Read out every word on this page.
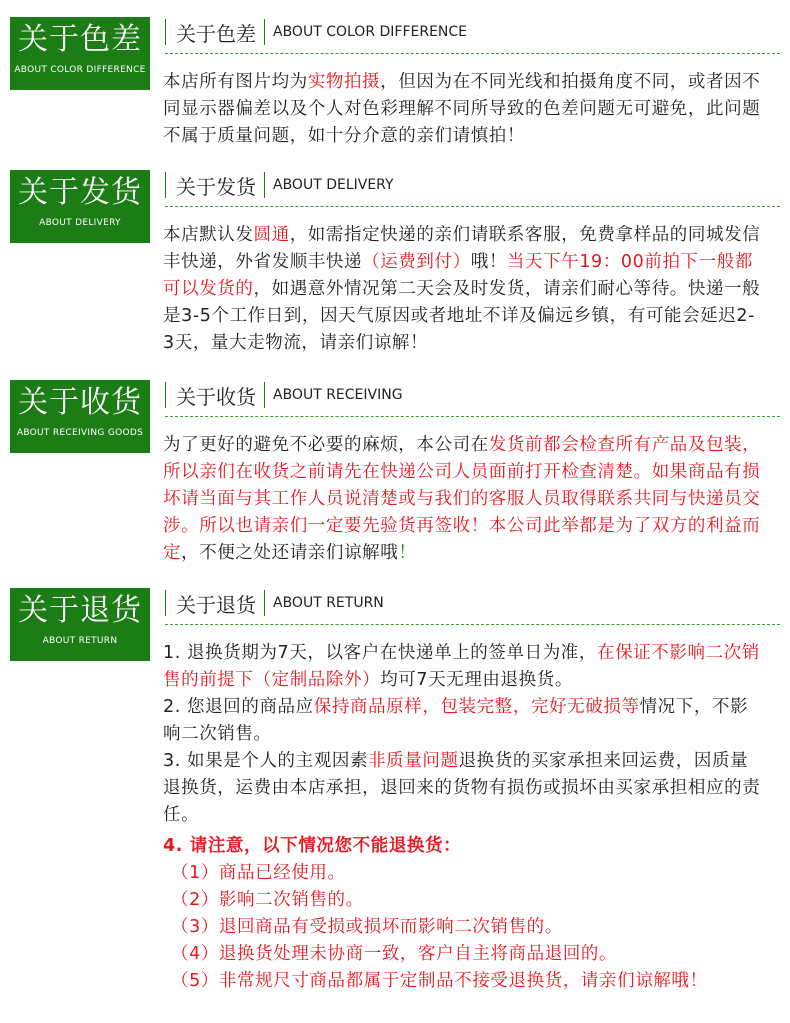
关于色差
ABOUT COLOR DIFFERENCE
关于色差 ABOUT COLOR DIFFERENCE

本店所有图片均为实物拍摄，但因为在不同光线和拍摄角度不同，或者因不同显示器偏差以及个人对色彩理解不同所导致的色差问题无可避免，此问题不属于质量问题，如十分介意的亲们请慎拍！

关于发货
ABOUT DELIVERY
关于发货 ABOUT DELIVERY

本店默认发圆通，如需指定快递的亲们请联系客服，免费拿样品的同城发信丰快递，外省发顺丰快递（运费到付）哦！当天下午19：00前拍下一般都可以发货的，如遇意外情况第二天会及时发货，请亲们耐心等待。快递一般是3-5个工作日到，因天气原因或者地址不详及偏远乡镇，有可能会延迟2-3天，量大走物流，请亲们谅解！

关于收货
ABOUT RECEIVING GOODS
关于收货 ABOUT RECEIVING

为了更好的避免不必要的麻烦，本公司在发货前都会检查所有产品及包装，所以亲们在收货之前请先在快递公司人员面前打开检查清楚。如果商品有损坏请当面与其工作人员说清楚或与我们的客服人员取得联系共同与快递员交涉。所以也请亲们一定要先验货再签收！本公司此举都是为了双方的利益而定，不便之处还请亲们谅解哦！

关于退货
ABOUT RETURN
关于退货 ABOUT RETURN

1. 退换货期为7天，以客户在快递单上的签单日为准，在保证不影响二次销售的前提下（定制品除外）均可7天无理由退换货。

2. 您退回的商品应保持商品原样，包装完整，完好无破损等情况下，不影响二次销售。

3. 如果是个人的主观因素非质量问题退换货的买家承担来回运费，因质量退换货，运费由本店承担，退回来的货物有损伤或损坏由买家承担相应的责任。

4. 请注意，以下情况您不能退换货：
（1）商品已经使用。
（2）影响二次销售的。
（3）退回商品有受损或损坏而影响二次销售的。
（4）退换货处理未协商一致，客户自主将商品退回的。
（5）非常规尺寸商品都属于定制品不接受退换货，请亲们谅解哦！
